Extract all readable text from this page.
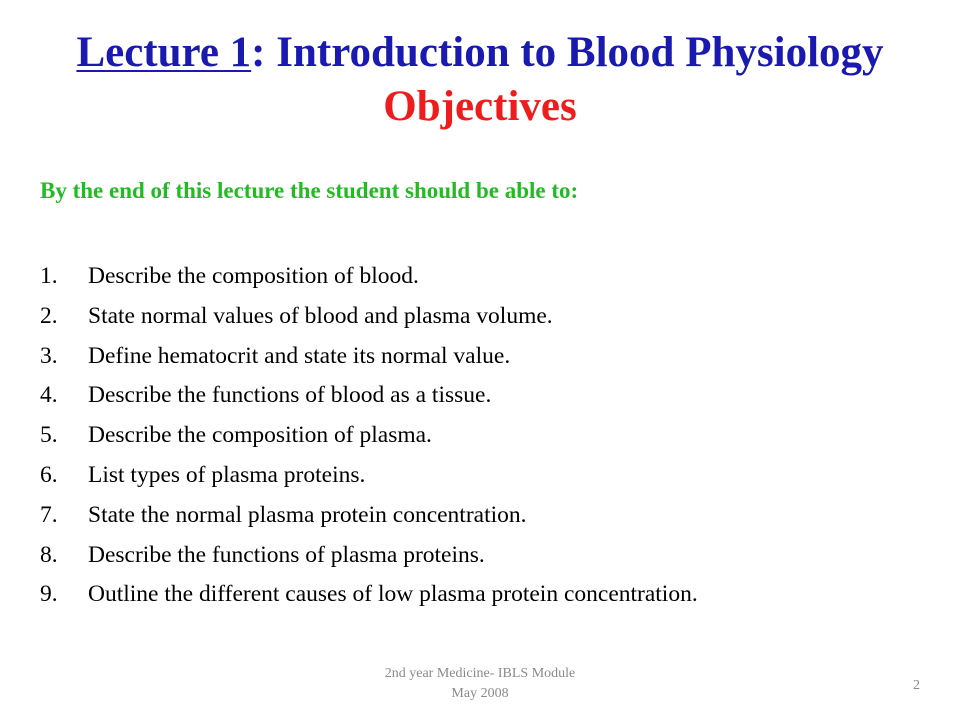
Lecture 1: Introduction to Blood Physiology
Objectives
By the end of this lecture the student should be able to:
1.	Describe the composition of blood.
2.	State normal values of blood and plasma volume.
3.	Define hematocrit and state its normal value.
4.	Describe the functions of blood as a tissue.
5.	Describe the composition of plasma.
6.	List types of plasma proteins.
7.	State the normal plasma protein concentration.
8.	Describe the functions of plasma proteins.
9.	Outline the different causes of low plasma protein concentration.
2nd year Medicine- IBLS Module
May 2008
2
